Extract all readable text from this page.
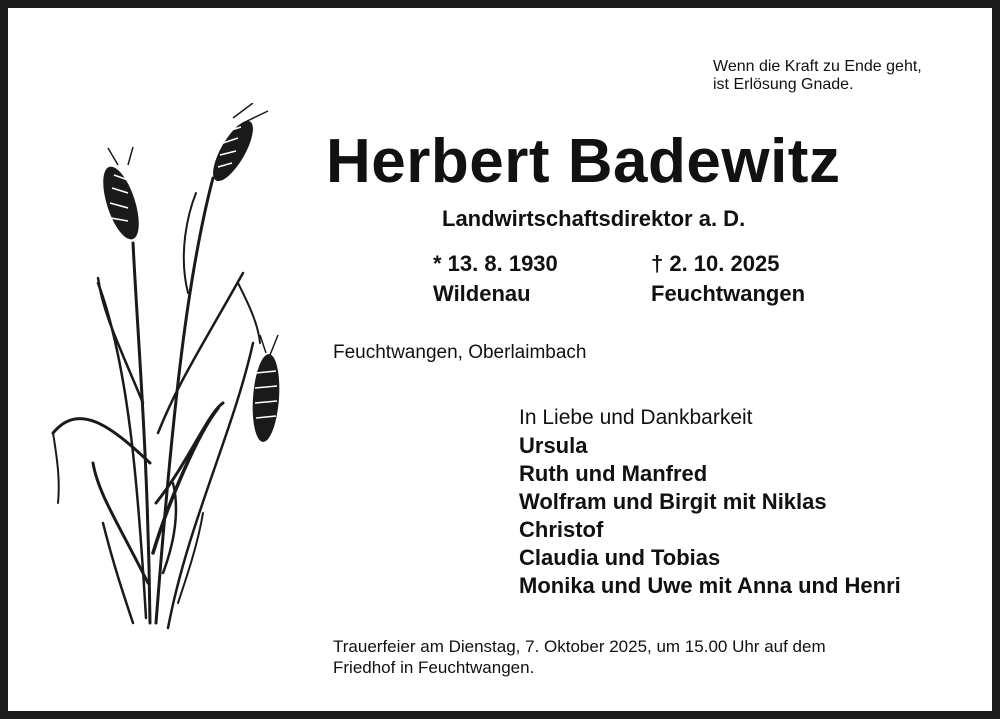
Wenn die Kraft zu Ende geht,
ist Erlösung Gnade.
Herbert Badewitz
Landwirtschaftsdirektor a. D.
* 13. 8. 1930
Wildenau
† 2. 10. 2025
Feuchtwangen
Feuchtwangen, Oberlaimbach
In Liebe und Dankbarkeit
Ursula
Ruth und Manfred
Wolfram und Birgit mit Niklas
Christof
Claudia und Tobias
Monika und Uwe mit Anna und Henri
Trauerfeier am Dienstag, 7. Oktober 2025, um 15.00 Uhr auf dem
Friedhof in Feuchtwangen.
